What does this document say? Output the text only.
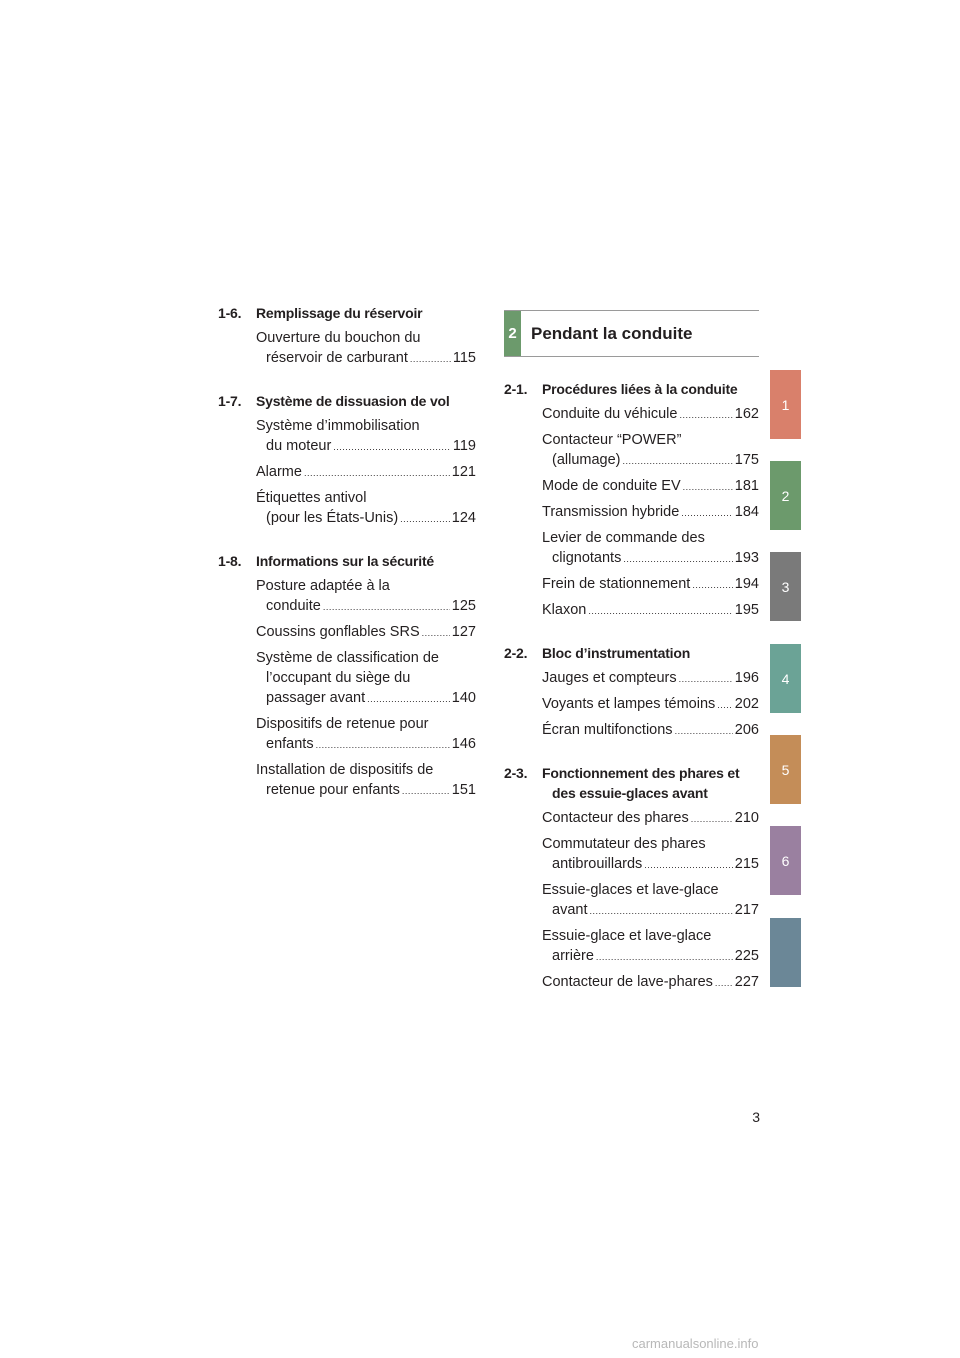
1-6.	Remplissage du réservoir
Ouverture du bouchon du
réservoir de carburant .....	115
1-7.	Système de dissuasion de vol
Système d’immobilisation
du moteur .....	119
Alarme .....	121
Étiquettes antivol
(pour les États-Unis) .....	124
1-8.	Informations sur la sécurité
Posture adaptée à la
conduite .....	125
Coussins gonflables SRS ..... 127
Système de classification de
l’occupant du siège du
passager avant .....	140
Dispositifs de retenue pour
enfants .....	146
Installation de dispositifs de
retenue pour enfants .....	151
2 Pendant la conduite
2-1.	Procédures liées à la conduite
Conduite du véhicule .....	162
Contacteur “POWER”
(allumage) .....	175
Mode de conduite EV .....	181
Transmission hybride .....	184
Levier de commande des
clignotants .....	193
Frein de stationnement .....	194
Klaxon .....	195
2-2.	Bloc d’instrumentation
Jauges et compteurs .....	196
Voyants et lampes témoins ..... 202
Écran multifonctions .....	206
2-3.	Fonctionnement des phares et
des essuie-glaces avant
Contacteur des phares .....	210
Commutateur des phares
antibrouillards .....	215
Essuie-glaces et lave-glace
avant .....	217
Essuie-glace et lave-glace
arrière .....	225
Contacteur de lave-phares ..... 227
1
2
3
4
5
6
3
carmanualsonline.info
